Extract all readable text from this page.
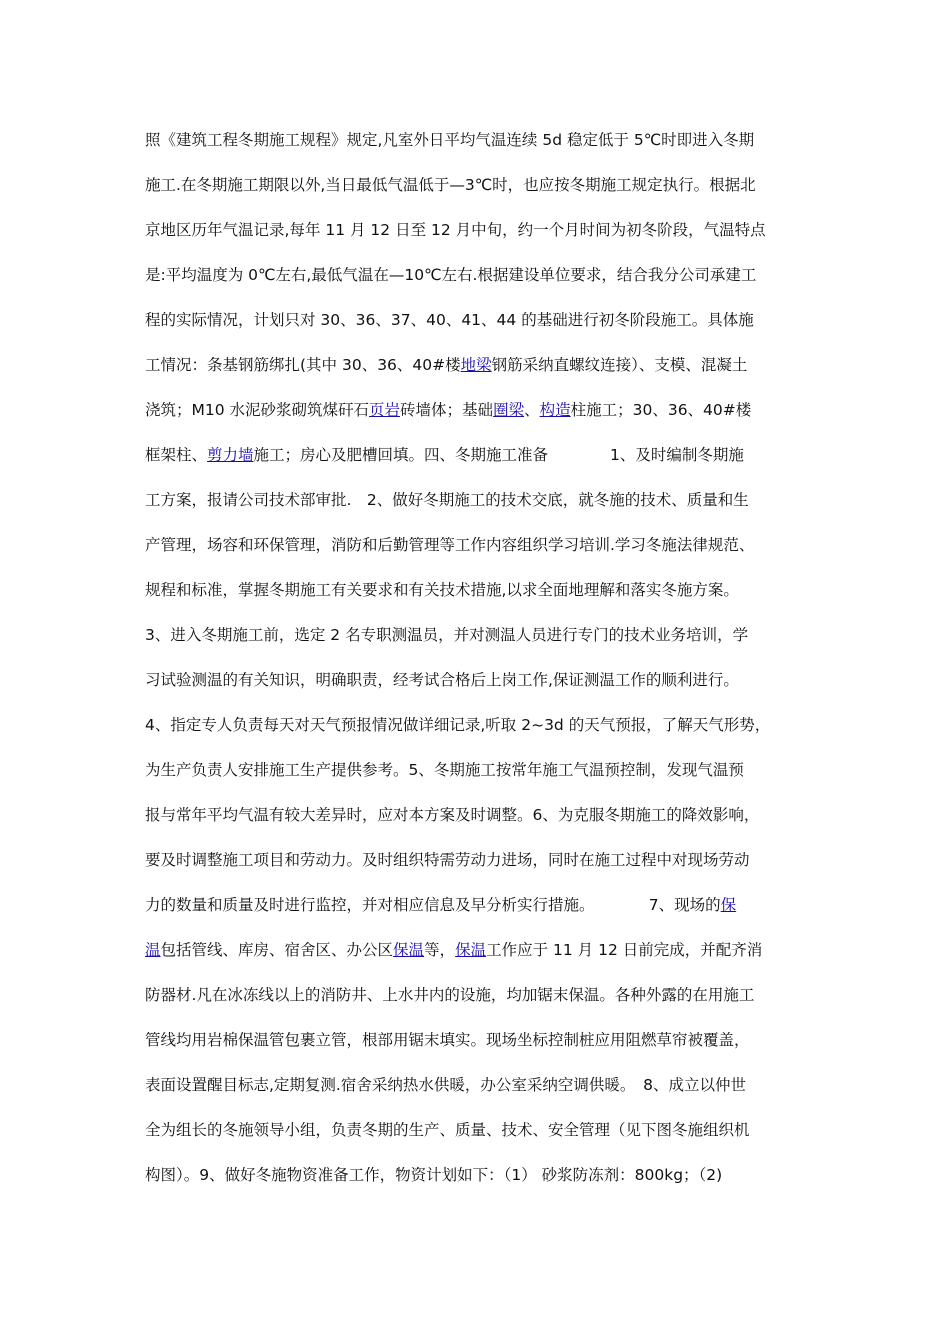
照《建筑工程冬期施工规程》规定,凡室外日平均气温连续 5d 稳定低于 5℃时即进入冬期
施工.在冬期施工期限以外,当日最低气温低于—3℃时，也应按冬期施工规定执行。根据北
京地区历年气温记录,每年 11 月 12 日至 12 月中旬，约一个月时间为初冬阶段，气温特点
是:平均温度为 0℃左右,最低气温在—10℃左右.根据建设单位要求，结合我分公司承建工
程的实际情况，计划只对 30、36、37、40、41、44 的基础进行初冬阶段施工。具体施
工情况：条基钢筋绑扎(其中 30、36、40#楼地梁钢筋采纳直螺纹连接）、支模、混凝土
浇筑；M10 水泥砂浆砌筑煤矸石页岩砖墙体；基础圈梁、构造柱施工；30、36、40#楼
框架柱、剪力墙施工；房心及肥槽回填。四、冬期施工准备　　　　1、及时编制冬期施
工方案，报请公司技术部审批.　2、做好冬期施工的技术交底，就冬施的技术、质量和生
产管理，场容和环保管理，消防和后勤管理等工作内容组织学习培训.学习冬施法律规范、
规程和标准，掌握冬期施工有关要求和有关技术措施,以求全面地理解和落实冬施方案。
3、进入冬期施工前，选定 2 名专职测温员，并对测温人员进行专门的技术业务培训，学
习试验测温的有关知识，明确职责，经考试合格后上岗工作,保证测温工作的顺利进行。
4、指定专人负责每天对天气预报情况做详细记录,听取 2~3d 的天气预报，了解天气形势，
为生产负责人安排施工生产提供参考。5、冬期施工按常年施工气温预控制，发现气温预
报与常年平均气温有较大差异时，应对本方案及时调整。6、为克服冬期施工的降效影响，
要及时调整施工项目和劳动力。及时组织特需劳动力进场，同时在施工过程中对现场劳动
力的数量和质量及时进行监控，并对相应信息及早分析实行措施。　　　　7、现场的保
温包括管线、库房、宿舍区、办公区保温等，保温工作应于 11 月 12 日前完成，并配齐消
防器材.凡在冰冻线以上的消防井、上水井内的设施，均加锯末保温。各种外露的在用施工
管线均用岩棉保温管包裹立管，根部用锯末填实。现场坐标控制桩应用阻燃草帘被覆盖，
表面设置醒目标志,定期复测.宿舍采纳热水供暖，办公室采纳空调供暖。　8、成立以仲世
全为组长的冬施领导小组，负责冬期的生产、质量、技术、安全管理（见下图冬施组织机
构图）。9、做好冬施物资准备工作，物资计划如下：（1） 砂浆防冻剂：800kg；（2)
